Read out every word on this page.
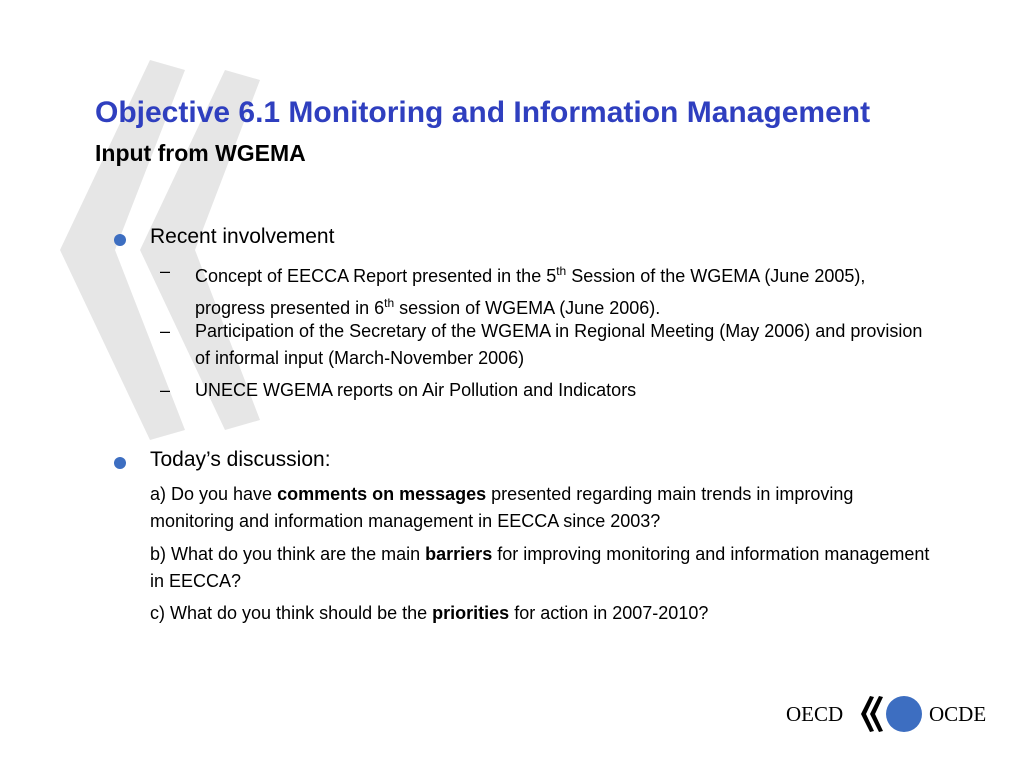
Objective 6.1 Monitoring and Information Management
Input from WGEMA
Recent involvement
– Concept of EECCA Report presented in the 5th Session of the WGEMA (June 2005), progress presented in 6th session of WGEMA (June 2006).
– Participation of the Secretary of the WGEMA in Regional Meeting (May 2006) and provision of informal input (March-November 2006)
– UNECE WGEMA reports on Air Pollution and Indicators
Today’s discussion:
a) Do you have comments on messages presented regarding main trends in improving monitoring and information management in EECCA since 2003?
b) What do you think are the main barriers for improving monitoring and information management in EECCA?
c) What do you think should be the priorities for action in 2007-2010?
OECD	OCDE
